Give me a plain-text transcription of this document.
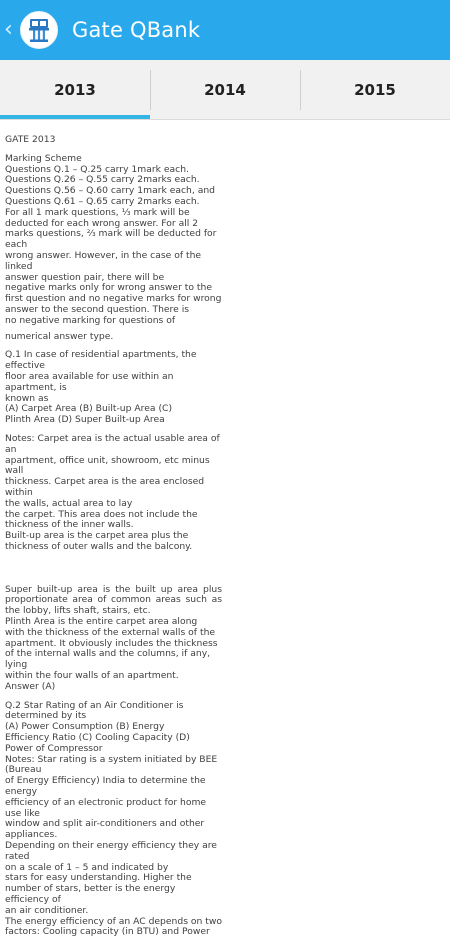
‹	Gate QBank
2013	2014	2015

GATE 2013

Marking Scheme
Questions Q.1 – Q.25 carry 1mark each.
Questions Q.26 – Q.55 carry 2marks each.
Questions Q.56 – Q.60 carry 1mark each, and
Questions Q.61 – Q.65 carry 2marks each.
For all 1 mark questions, ⅓ mark will be
deducted for each wrong answer. For all 2
marks questions, ⅔ mark will be deducted for each
wrong answer. However, in the case of the linked
answer question pair, there will be
negative marks only for wrong answer to the
first question and no negative marks for wrong
answer to the second question. There is
no negative marking for questions of

numerical answer type.

Q.1 In case of residential apartments, the effective
floor area available for use within an apartment, is
known as
(A) Carpet Area (B) Built-up Area (C)
Plinth Area (D) Super Built-up Area

Notes: Carpet area is the actual usable area of an
apartment, office unit, showroom, etc minus wall
thickness. Carpet area is the area enclosed within
the walls, actual area to lay
the carpet. This area does not include the
thickness of the inner walls.
Built-up area is the carpet area plus the
thickness of outer walls and the balcony.

Super built-up area is the built up area plus proportionate area of common areas such as the lobby, lifts shaft, stairs, etc.

Plinth Area is the entire carpet area along
with the thickness of the external walls of the
apartment. It obviously includes the thickness
of the internal walls and the columns, if any, lying
within the four walls of an apartment.
Answer (A)

Q.2 Star Rating of an Air Conditioner is
determined by its
(A) Power Consumption (B) Energy
Efficiency Ratio (C) Cooling Capacity (D)
Power of Compressor
Notes: Star rating is a system initiated by BEE (Bureau
of Energy Efficiency) India to determine the energy
efficiency of an electronic product for home use like
window and split air-conditioners and other
appliances.
Depending on their energy efficiency they are rated
on a scale of 1 – 5 and indicated by
stars for easy understanding. Higher the
number of stars, better is the energy efficiency of
an air conditioner.
The energy efficiency of an AC depends on two
factors: Cooling capacity (in BTU) and Power
